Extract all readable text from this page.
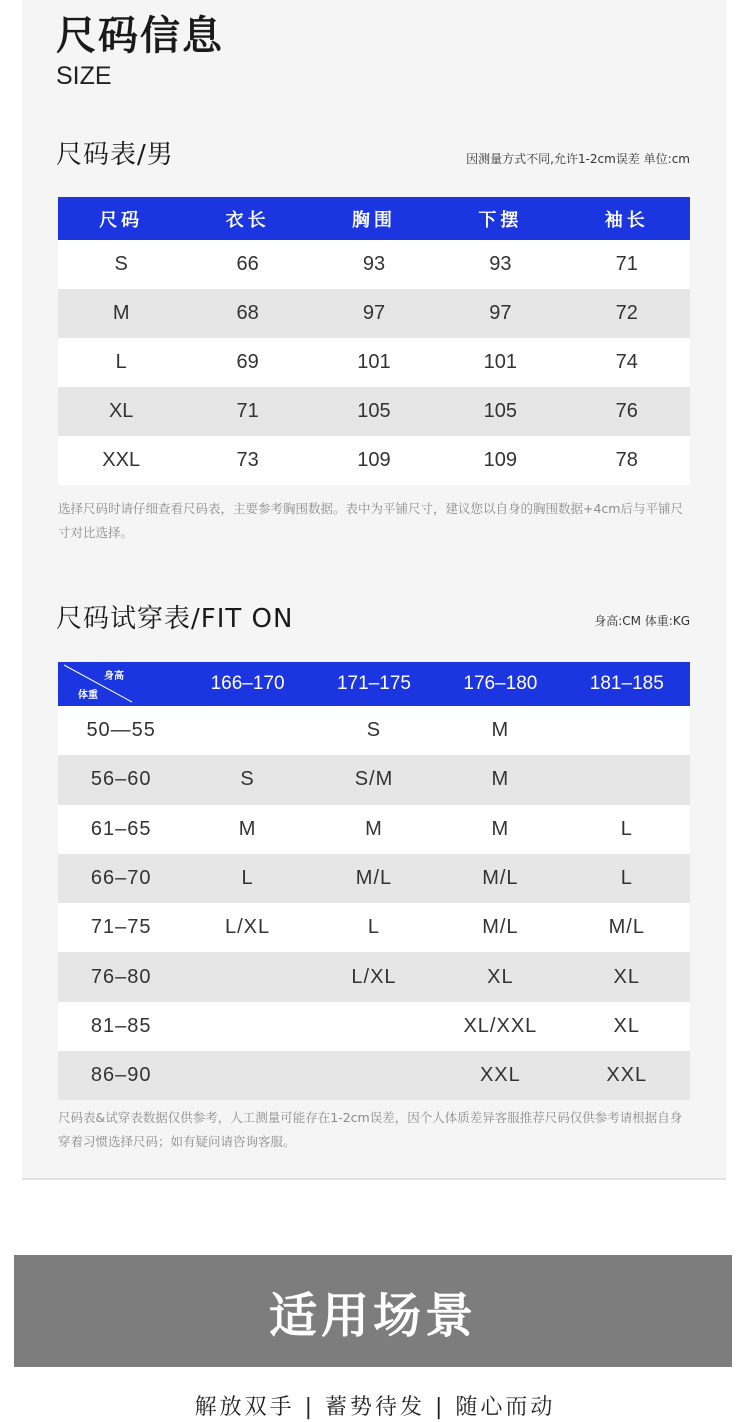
尺码信息
SIZE
尺码表/男	因测量方式不同,允许1-2cm误差 单位:cm
尺码	衣长	胸围	下摆	袖长
S	66	93	93	71
M	68	97	97	72
L	69	101	101	74
XL	71	105	105	76
XXL	73	109	109	78
选择尺码时请仔细查看尺码表，主要参考胸围数据。表中为平铺尺寸，建议您以自身的胸围数据+4cm后与平铺尺寸对比选择。
尺码试穿表/FIT ON	身高:CM 体重:KG
身高
体重	166–170	171–175	176–180	181–185
50—55		S	M	
56–60	S	S/M	M	
61–65	M	M	M	L
66–70	L	M/L	M/L	L
71–75	L/XL	L	M/L	M/L
76–80		L/XL	XL	XL
81–85			XL/XXL	XL
86–90			XXL	XXL
尺码表&试穿表数据仅供参考，人工测量可能存在1-2cm误差，因个人体质差异客服推荐尺码仅供参考请根据自身穿着习惯选择尺码；如有疑问请咨询客服。
适用场景
解放双手 | 蓄势待发 | 随心而动
